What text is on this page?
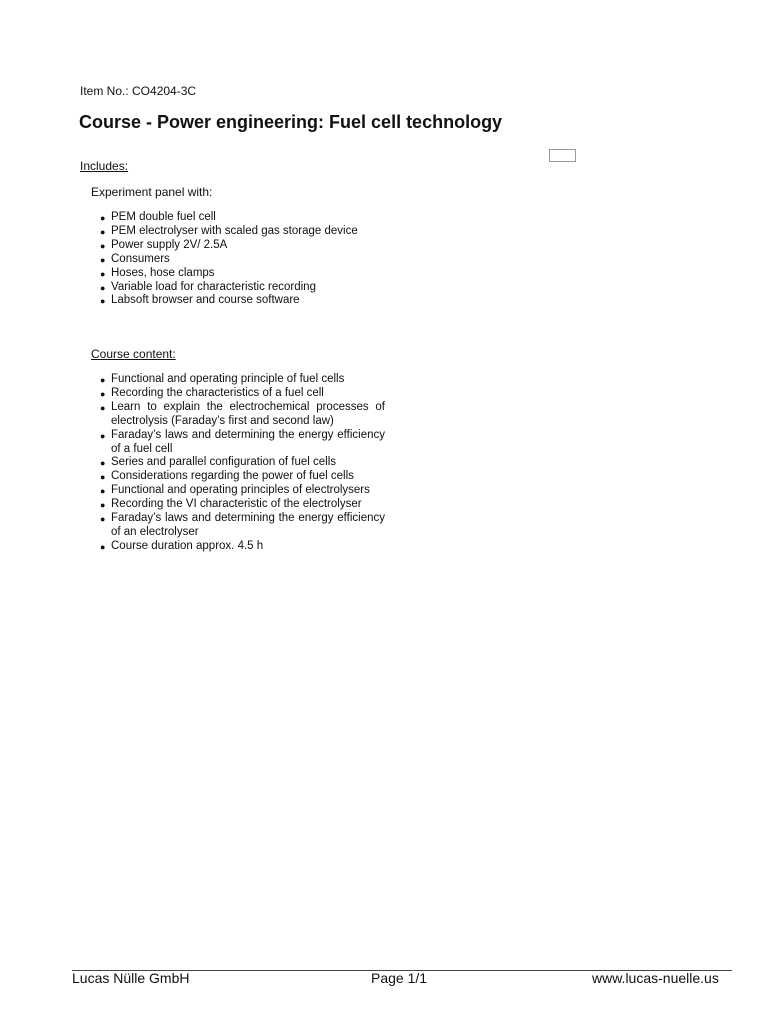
Item No.: CO4204-3C
Course - Power engineering: Fuel cell technology
Includes:
Experiment panel with:
● PEM double fuel cell
● PEM electrolyser with scaled gas storage device
● Power supply 2V/ 2.5A
● Consumers
● Hoses, hose clamps
● Variable load for characteristic recording
● Labsoft browser and course software
Course content:
● Functional and operating principle of fuel cells
● Recording the characteristics of a fuel cell
● Learn to explain the electrochemical processes of electrolysis (Faraday’s first and second law)
● Faraday’s laws and determining the energy efficiency of a fuel cell
● Series and parallel configuration of fuel cells
● Considerations regarding the power of fuel cells
● Functional and operating principles of electrolysers
● Recording the VI characteristic of the electrolyser
● Faraday’s laws and determining the energy efficiency of an electrolyser
● Course duration approx. 4.5 h
Lucas Nülle GmbH	Page 1/1	www.lucas-nuelle.us
